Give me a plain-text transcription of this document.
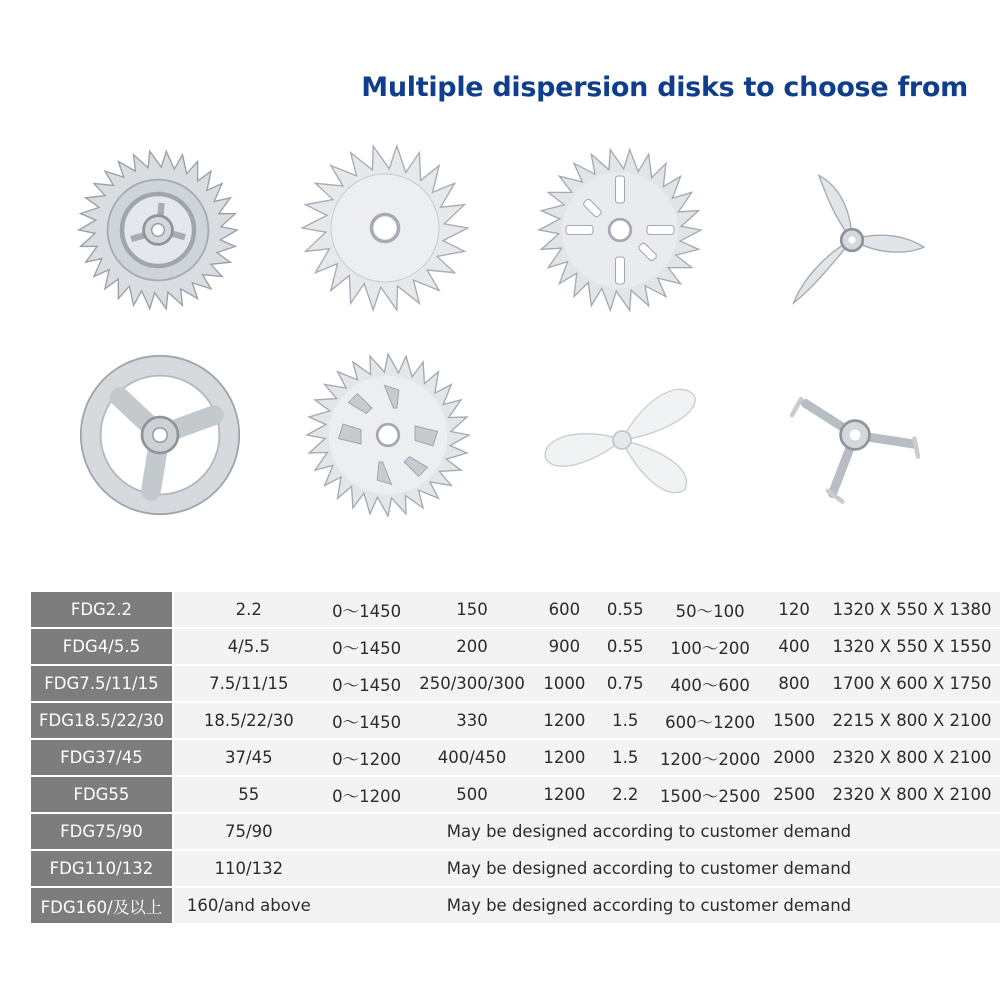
Multiple dispersion disks to choose from
FDG2.2	2.2	0～1450	150	600	0.55	50～100	120	1320 X 550 X 1380
FDG4/5.5	4/5.5	0～1450	200	900	0.55	100～200	400	1320 X 550 X 1550
FDG7.5/11/15	7.5/11/15	0～1450	250/300/300	1000	0.75	400～600	800	1700 X 600 X 1750
FDG18.5/22/30	18.5/22/30	0～1450	330	1200	1.5	600～1200	1500	2215 X 800 X 2100
FDG37/45	37/45	0～1200	400/450	1200	1.5	1200～2000	2000	2320 X 800 X 2100
FDG55	55	0～1200	500	1200	2.2	1500～2500	2500	2320 X 800 X 2100
FDG75/90	75/90	May be designed according to customer demand						
FDG110/132	110/132	May be designed according to customer demand						
FDG160/及以上	160/and above	May be designed according to customer demand						
